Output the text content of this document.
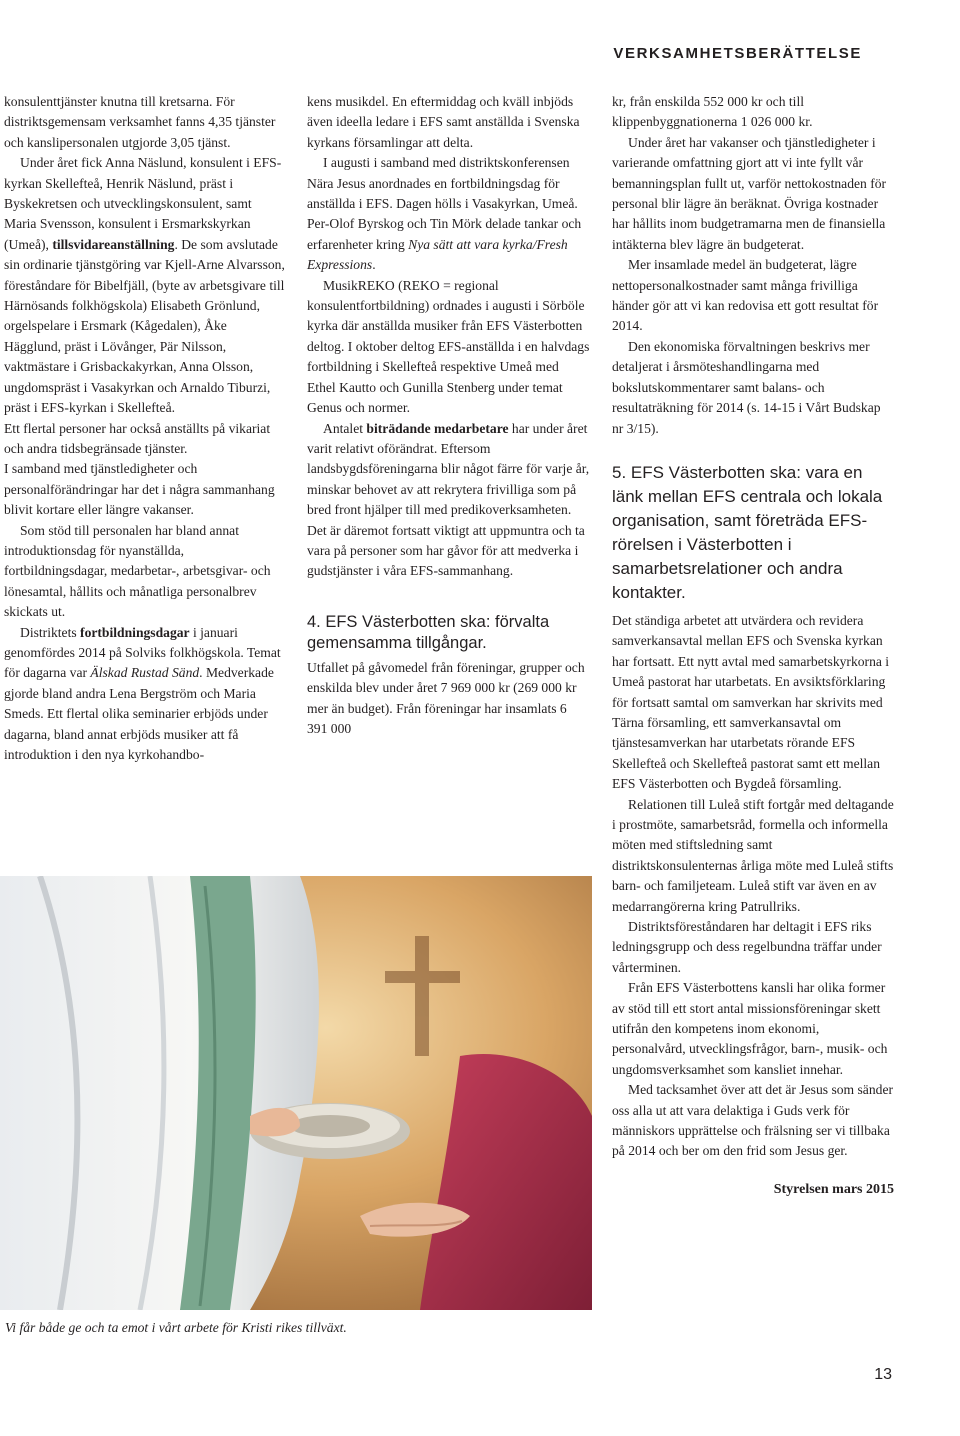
VERKSAMHETSBERÄTTELSE

konsulenttjänster knutna till kretsarna. För distriktsgemensam verksamhet fanns 4,35 tjänster och kanslipersonalen utgjorde 3,05 tjänst.

Under året fick Anna Näslund, konsulent i EFS-kyrkan Skellefteå, Henrik Näslund, präst i Byskekretsen och utvecklingskonsulent, samt Maria Svensson, konsulent i Ersmarkskyrkan (Umeå), tillsvidareanställning. De som avslutade sin ordinarie tjänstgöring var Kjell-Arne Alvarsson, föreståndare för Bibelfjäll, (byte av arbetsgivare till Härnösands folkhögskola) Elisabeth Grönlund, orgelspelare i Ersmark (Kågedalen), Åke Hägglund, präst i Lövånger, Pär Nilsson, vaktmästare i Grisbackakyrkan, Anna Olsson, ungdomspräst i Vasakyrkan och Arnaldo Tiburzi, präst i EFS-kyrkan i Skellefteå.

Ett flertal personer har också anställts på vikariat och andra tidsbegränsade tjänster.

I samband med tjänstledigheter och personalförändringar har det i några sammanhang blivit kortare eller längre vakanser.

Som stöd till personalen har bland annat introduktionsdag för nyanställda, fortbildningsdagar, medarbetar-, arbetsgivar- och lönesamtal, hållits och månatliga personalbrev skickats ut.

Distriktets fortbildningsdagar i januari genomfördes 2014 på Solviks folkhögskola. Temat för dagarna var Älskad Rustad Sänd. Medverkade gjorde bland andra Lena Bergström och Maria Smeds. Ett flertal olika seminarier erbjöds under dagarna, bland annat erbjöds musiker att få introduktion i den nya kyrkohandbo-

kens musikdel. En eftermiddag och kväll inbjöds även ideella ledare i EFS samt anställda i Svenska kyrkans församlingar att delta.

I augusti i samband med distriktskonferensen Nära Jesus anordnades en fortbildningsdag för anställda i EFS. Dagen hölls i Vasakyrkan, Umeå. Per-Olof Byrskog och Tin Mörk delade tankar och erfarenheter kring Nya sätt att vara kyrka/Fresh Expressions.

MusikREKO (REKO = regional konsulentfortbildning) ordnades i augusti i Sörböle kyrka där anställda musiker från EFS Västerbotten deltog. I oktober deltog EFS-anställda i en halvdags fortbildning i Skellefteå respektive Umeå med Ethel Kautto och Gunilla Stenberg under temat Genus och normer.

Antalet biträdande medarbetare har under året varit relativt oförändrat. Eftersom landsbygdsföreningarna blir något färre för varje år, minskar behovet av att rekrytera frivilliga som på bred front hjälper till med predikoverksamheten. Det är däremot fortsatt viktigt att uppmuntra och ta vara på personer som har gåvor för att medverka i gudstjänster i våra EFS-sammanhang.

4. EFS Västerbotten ska: förvalta gemensamma tillgångar.

Utfallet på gåvomedel från föreningar, grupper och enskilda blev under året 7 969 000 kr (269 000 kr mer än budget). Från föreningar har insamlats 6 391 000

kr, från enskilda 552 000 kr och till klippenbyggnationerna 1 026 000 kr.

Under året har vakanser och tjänstledigheter i varierande omfattning gjort att vi inte fyllt vår bemanningsplan fullt ut, varför nettokostnaden för personal blir lägre än beräknat. Övriga kostnader har hållits inom budgetramarna men de finansiella intäkterna blev lägre än budgeterat.

Mer insamlade medel än budgeterat, lägre nettopersonalkostnader samt många frivilliga händer gör att vi kan redovisa ett gott resultat för 2014.

Den ekonomiska förvaltningen beskrivs mer detaljerat i årsmöteshandlingarna med bokslutskommentarer samt balans- och resultaträkning för 2014 (s. 14-15 i Vårt Budskap nr 3/15).

5. EFS Västerbotten ska: vara en länk mellan EFS centrala och lokala organisation, samt företräda EFS-rörelsen i Västerbotten i samarbetsrelationer och andra kontakter.

Det ständiga arbetet att utvärdera och revidera samverkansavtal mellan EFS och Svenska kyrkan har fortsatt. Ett nytt avtal med samarbetskyrkorna i Umeå pastorat har utarbetats. En avsiktsförklaring för fortsatt samtal om samverkan har skrivits med Tärna församling, ett samverkansavtal om tjänstesamverkan har utarbetats rörande EFS Skellefteå och Skellefteå pastorat samt ett mellan EFS Västerbotten och Bygdeå församling.

Relationen till Luleå stift fortgår med deltagande i prostmöte, samarbetsråd, formella och informella möten med stiftsledning samt distriktskonsulenternas årliga möte med Luleå stifts barn- och familjeteam. Luleå stift var även en av medarrangörerna kring Patrullriks.

Distriktsföreståndaren har deltagit i EFS riks ledningsgrupp och dess regelbundna träffar under vårterminen.

Från EFS Västerbottens kansli har olika former av stöd till ett stort antal missionsföreningar skett utifrån den kompetens inom ekonomi, personalvård, utvecklingsfrågor, barn-, musik- och ungdomsverksamhet som kansliet innehar.

Med tacksamhet över att det är Jesus som sänder oss alla ut att vara delaktiga i Guds verk för människors upprättelse och frälsning ser vi tillbaka på 2014 och ber om den frid som Jesus ger.

Styrelsen mars 2015
Vi får både ge och ta emot i vårt arbete för Kristi rikes tillväxt.
13
